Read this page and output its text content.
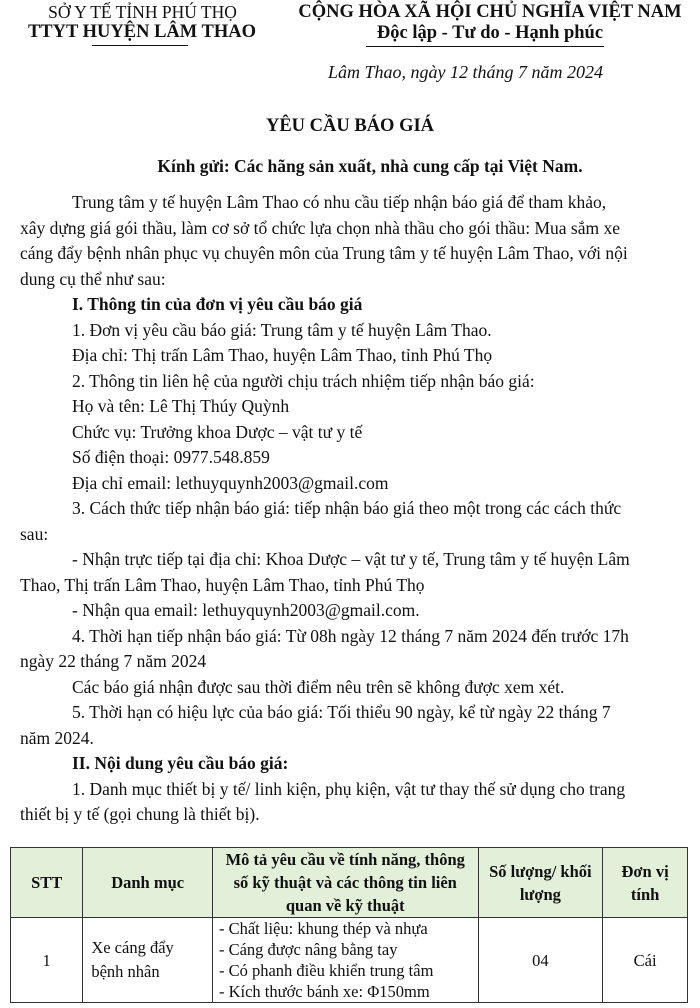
SỞ Y TẾ TỈNH PHÚ THỌ
TTYT HUYỆN LÂM THAO
CỘNG HÒA XÃ HỘI CHỦ NGHĨA VIỆT NAM
Độc lập - Tư do - Hạnh phúc
Lâm Thao, ngày 12 tháng 7 năm 2024
YÊU CẦU BÁO GIÁ
Kính gửi: Các hãng sản xuất, nhà cung cấp tại Việt Nam.
Trung tâm y tế huyện Lâm Thao có nhu cầu tiếp nhận báo giá để tham khảo,
xây dựng giá gói thầu, làm cơ sở tổ chức lựa chọn nhà thầu cho gói thầu: Mua sắm xe
cáng đẩy bệnh nhân phục vụ chuyên môn của Trung tâm y tế huyện Lâm Thao, với nội
dung cụ thể như sau:
I. Thông tin của đơn vị yêu cầu báo giá
1. Đơn vị yêu cầu báo giá: Trung tâm y tế huyện Lâm Thao.
Địa chỉ: Thị trấn Lâm Thao, huyện Lâm Thao, tỉnh Phú Thọ
2. Thông tin liên hệ của người chịu trách nhiệm tiếp nhận báo giá:
Họ và tên: Lê Thị Thúy Quỳnh
Chức vụ: Trưởng khoa Dược – vật tư y tế
Số điện thoại: 0977.548.859
Địa chỉ email: lethuyquynh2003@gmail.com
3. Cách thức tiếp nhận báo giá: tiếp nhận báo giá theo một trong các cách thức
sau:
- Nhận trực tiếp tại địa chỉ: Khoa Dược – vật tư y tế, Trung tâm y tế huyện Lâm
Thao, Thị trấn Lâm Thao, huyện Lâm Thao, tỉnh Phú Thọ
- Nhận qua email: lethuyquynh2003@gmail.com.
4. Thời hạn tiếp nhận báo giá: Từ 08h ngày 12 tháng 7 năm 2024 đến trước 17h
ngày 22 tháng 7 năm 2024
Các báo giá nhận được sau thời điểm nêu trên sẽ không được xem xét.
5. Thời hạn có hiệu lực của báo giá: Tối thiểu 90 ngày, kể từ ngày 22 tháng 7
năm 2024.
II. Nội dung yêu cầu báo giá:
1. Danh mục thiết bị y tế/ linh kiện, phụ kiện, vật tư thay thế sử dụng cho trang
thiết bị y tế (gọi chung là thiết bị).
STT	Danh mục	Mô tả yêu cầu về tính năng, thông số kỹ thuật và các thông tin liên quan về kỹ thuật	Số lượng/ khối lượng	Đơn vị tính
1	Xe cáng đẩy bệnh nhân	- Chất liệu: khung thép và nhựa
- Cáng được nâng bằng tay
- Có phanh điều khiển trung tâm
- Kích thước bánh xe: Φ150mm	04	Cái
